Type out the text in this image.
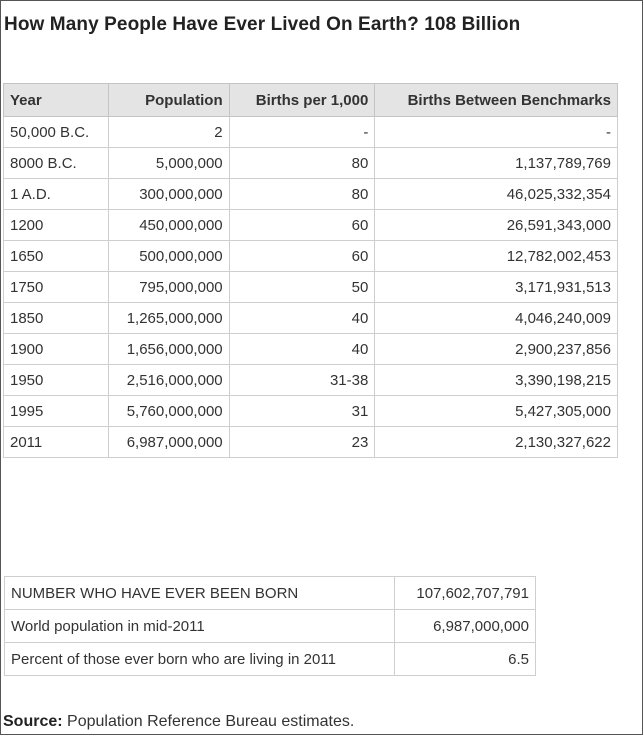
How Many People Have Ever Lived On Earth? 108 Billion
Year	Population	Births per 1,000	Births Between Benchmarks
50,000 B.C.	2	-	-
8000 B.C.	5,000,000	80	1,137,789,769
1 A.D.	300,000,000	80	46,025,332,354
1200	450,000,000	60	26,591,343,000
1650	500,000,000	60	12,782,002,453
1750	795,000,000	50	3,171,931,513
1850	1,265,000,000	40	4,046,240,009
1900	1,656,000,000	40	2,900,237,856
1950	2,516,000,000	31-38	3,390,198,215
1995	5,760,000,000	31	5,427,305,000
2011	6,987,000,000	23	2,130,327,622
NUMBER WHO HAVE EVER BEEN BORN	107,602,707,791
World population in mid-2011	6,987,000,000
Percent of those ever born who are living in 2011	6.5

Source: Population Reference Bureau estimates.
